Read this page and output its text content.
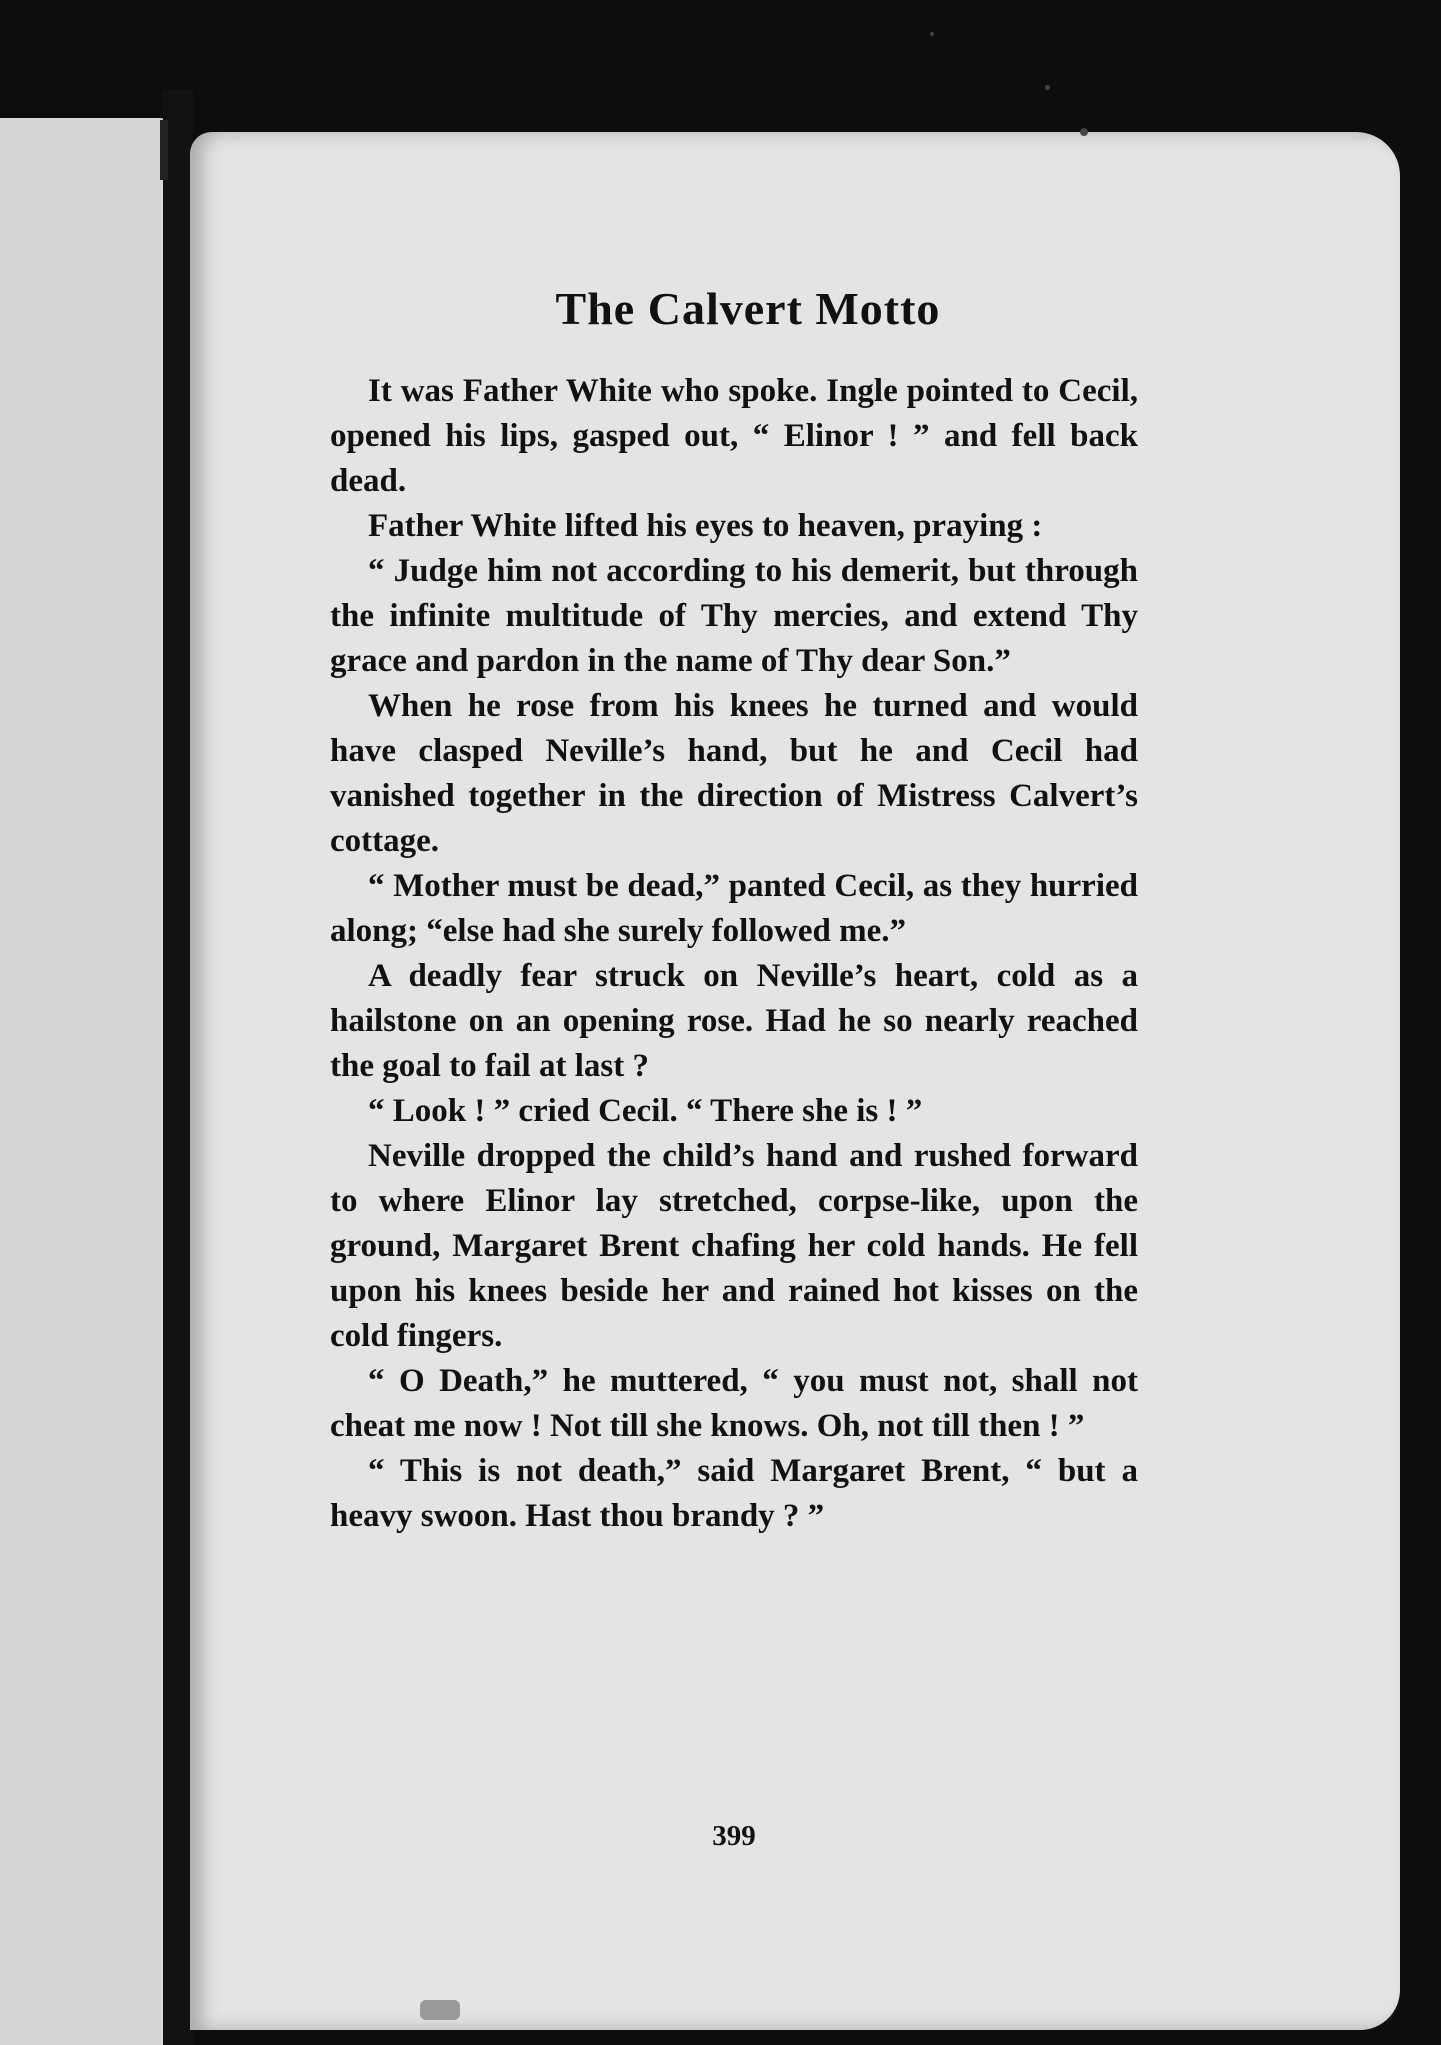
The Calvert Motto

It was Father White who spoke. Ingle pointed to Cecil, opened his lips, gasped out, “ Elinor ! ” and fell back dead.

Father White lifted his eyes to heaven, praying :

“ Judge him not according to his demerit, but through the infinite multitude of Thy mercies, and extend Thy grace and pardon in the name of Thy dear Son.”

When he rose from his knees he turned and would have clasped Neville’s hand, but he and Cecil had vanished together in the direction of Mistress Calvert’s cottage.

“ Mother must be dead,” panted Cecil, as they hurried along; “else had she surely followed me.”

A deadly fear struck on Neville’s heart, cold as a hailstone on an opening rose. Had he so nearly reached the goal to fail at last ?

“ Look ! ” cried Cecil. “ There she is ! ”

Neville dropped the child’s hand and rushed forward to where Elinor lay stretched, corpse-like, upon the ground, Margaret Brent chafing her cold hands. He fell upon his knees beside her and rained hot kisses on the cold fingers.

“ O Death,” he muttered, “ you must not, shall not cheat me now ! Not till she knows. Oh, not till then ! ”

“ This is not death,” said Margaret Brent, “ but a heavy swoon. Hast thou brandy ? ”

399
